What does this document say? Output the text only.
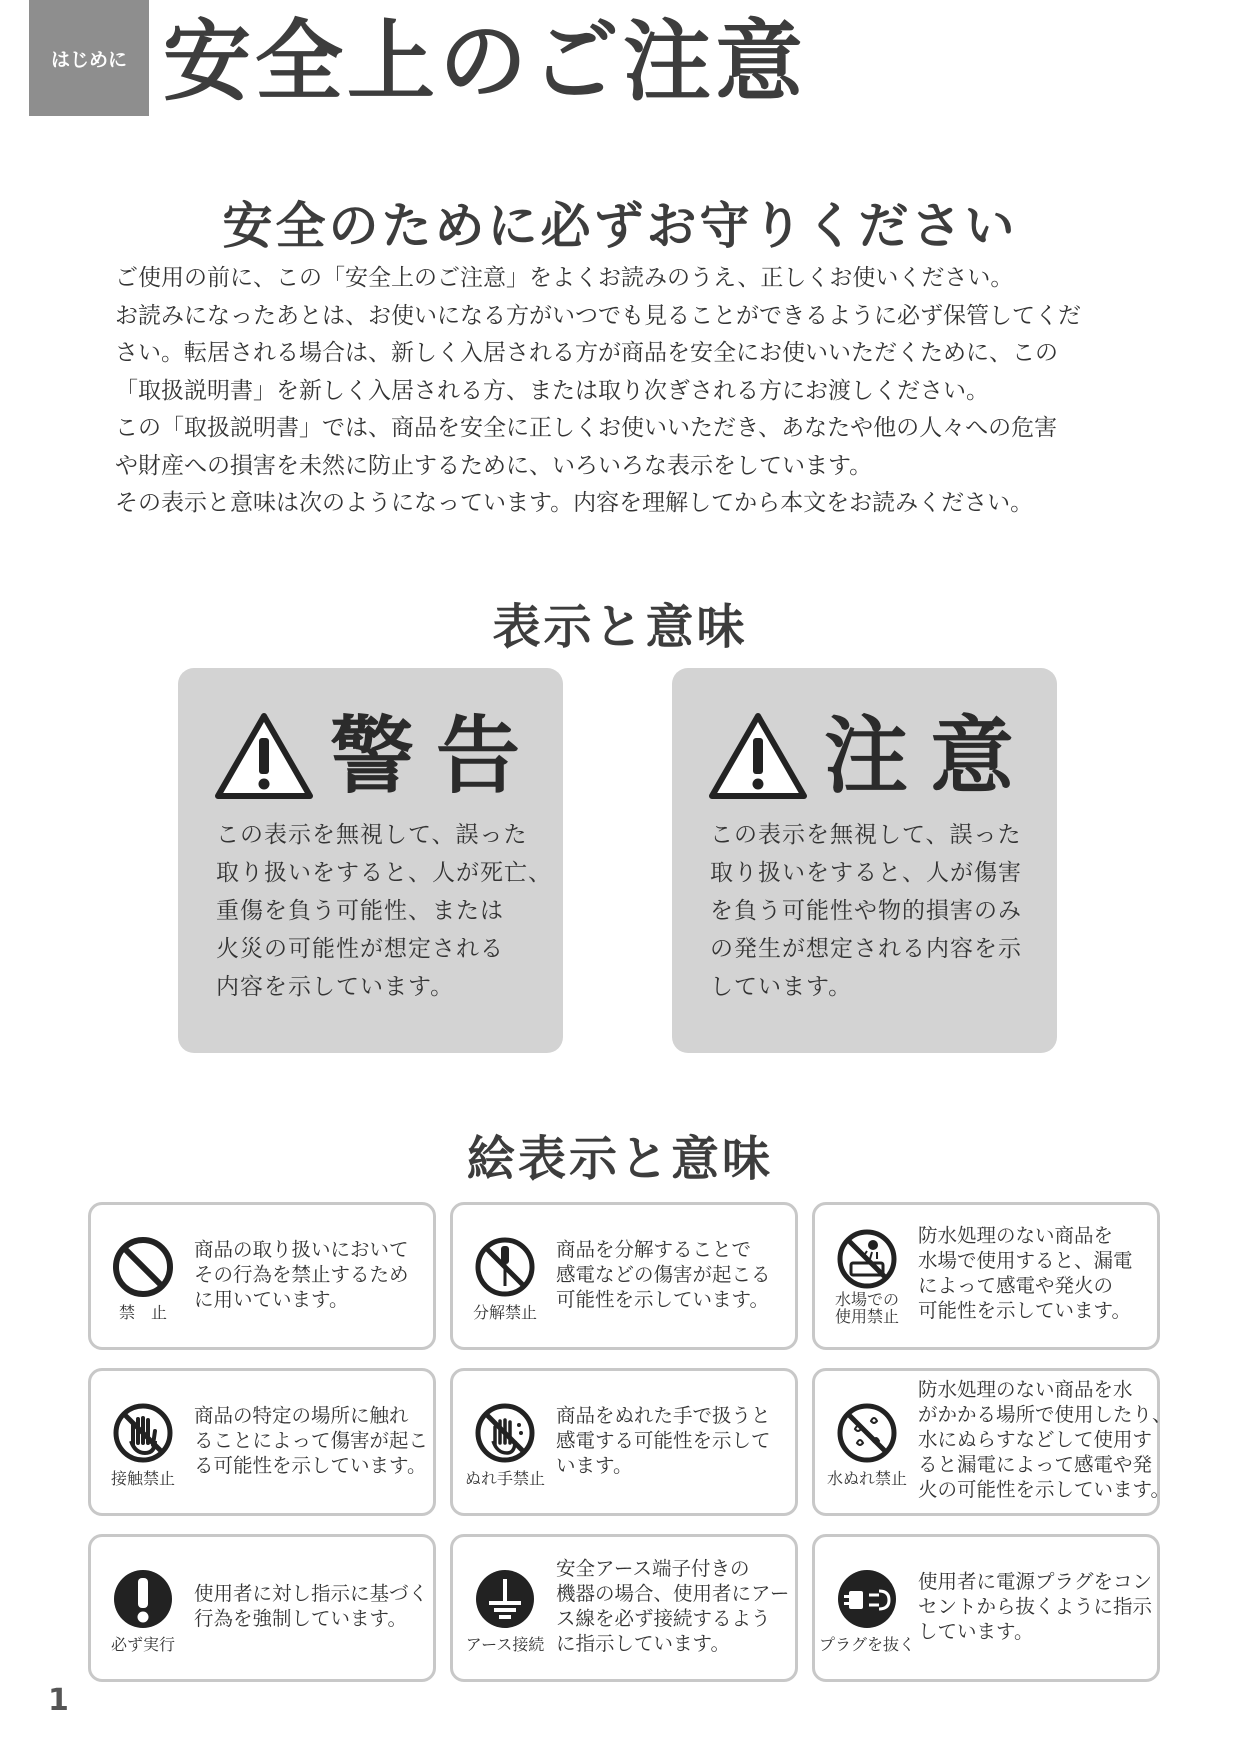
はじめに 安全上のご注意
安全のために必ずお守りください

ご使用の前に、この「安全上のご注意」をよくお読みのうえ、正しくお使いください。

お読みになったあとは、お使いになる方がいつでも見ることができるように必ず保管してくだ

さい。転居される場合は、新しく入居される方が商品を安全にお使いいただくために、この

「取扱説明書」を新しく入居される方、または取り次ぎされる方にお渡しください。

この「取扱説明書」では、商品を安全に正しくお使いいただき、あなたや他の人々への危害

や財産への損害を未然に防止するために、いろいろな表示をしています。

その表示と意味は次のようになっています。内容を理解してから本文をお読みください。

表示と意味
警告

この表示を無視して、誤った

取り扱いをすると、人が死亡、

重傷を負う可能性、または

火災の可能性が想定される

内容を示しています。

注意

この表示を無視して、誤った

取り扱いをすると、人が傷害

を負う可能性や物的損害のみ

の発生が想定される内容を示

しています。

絵表示と意味
禁　止

商品の取り扱いにおいて

その行為を禁止するため

に用いています。

分解禁止

商品を分解することで

感電などの傷害が起こる

可能性を示しています。	水場での
使用禁止

防水処理のない商品を

水場で使用すると、漏電

によって感電や発火の

可能性を示しています。

接触禁止

商品の特定の場所に触れ

ることによって傷害が起こ

る可能性を示しています。

ぬれ手禁止

商品をぬれた手で扱うと

感電する可能性を示して

います。

水ぬれ禁止

防水処理のない商品を水

がかかる場所で使用したり、

水にぬらすなどして使用す

ると漏電によって感電や発

火の可能性を示しています。

必ず実行

使用者に対し指示に基づく

行為を強制しています。

アース接続

安全アース端子付きの

機器の場合、使用者にアー

ス線を必ず接続するよう

に指示しています。	プラグを抜く

使用者に電源プラグをコン

セントから抜くように指示

しています。

1
